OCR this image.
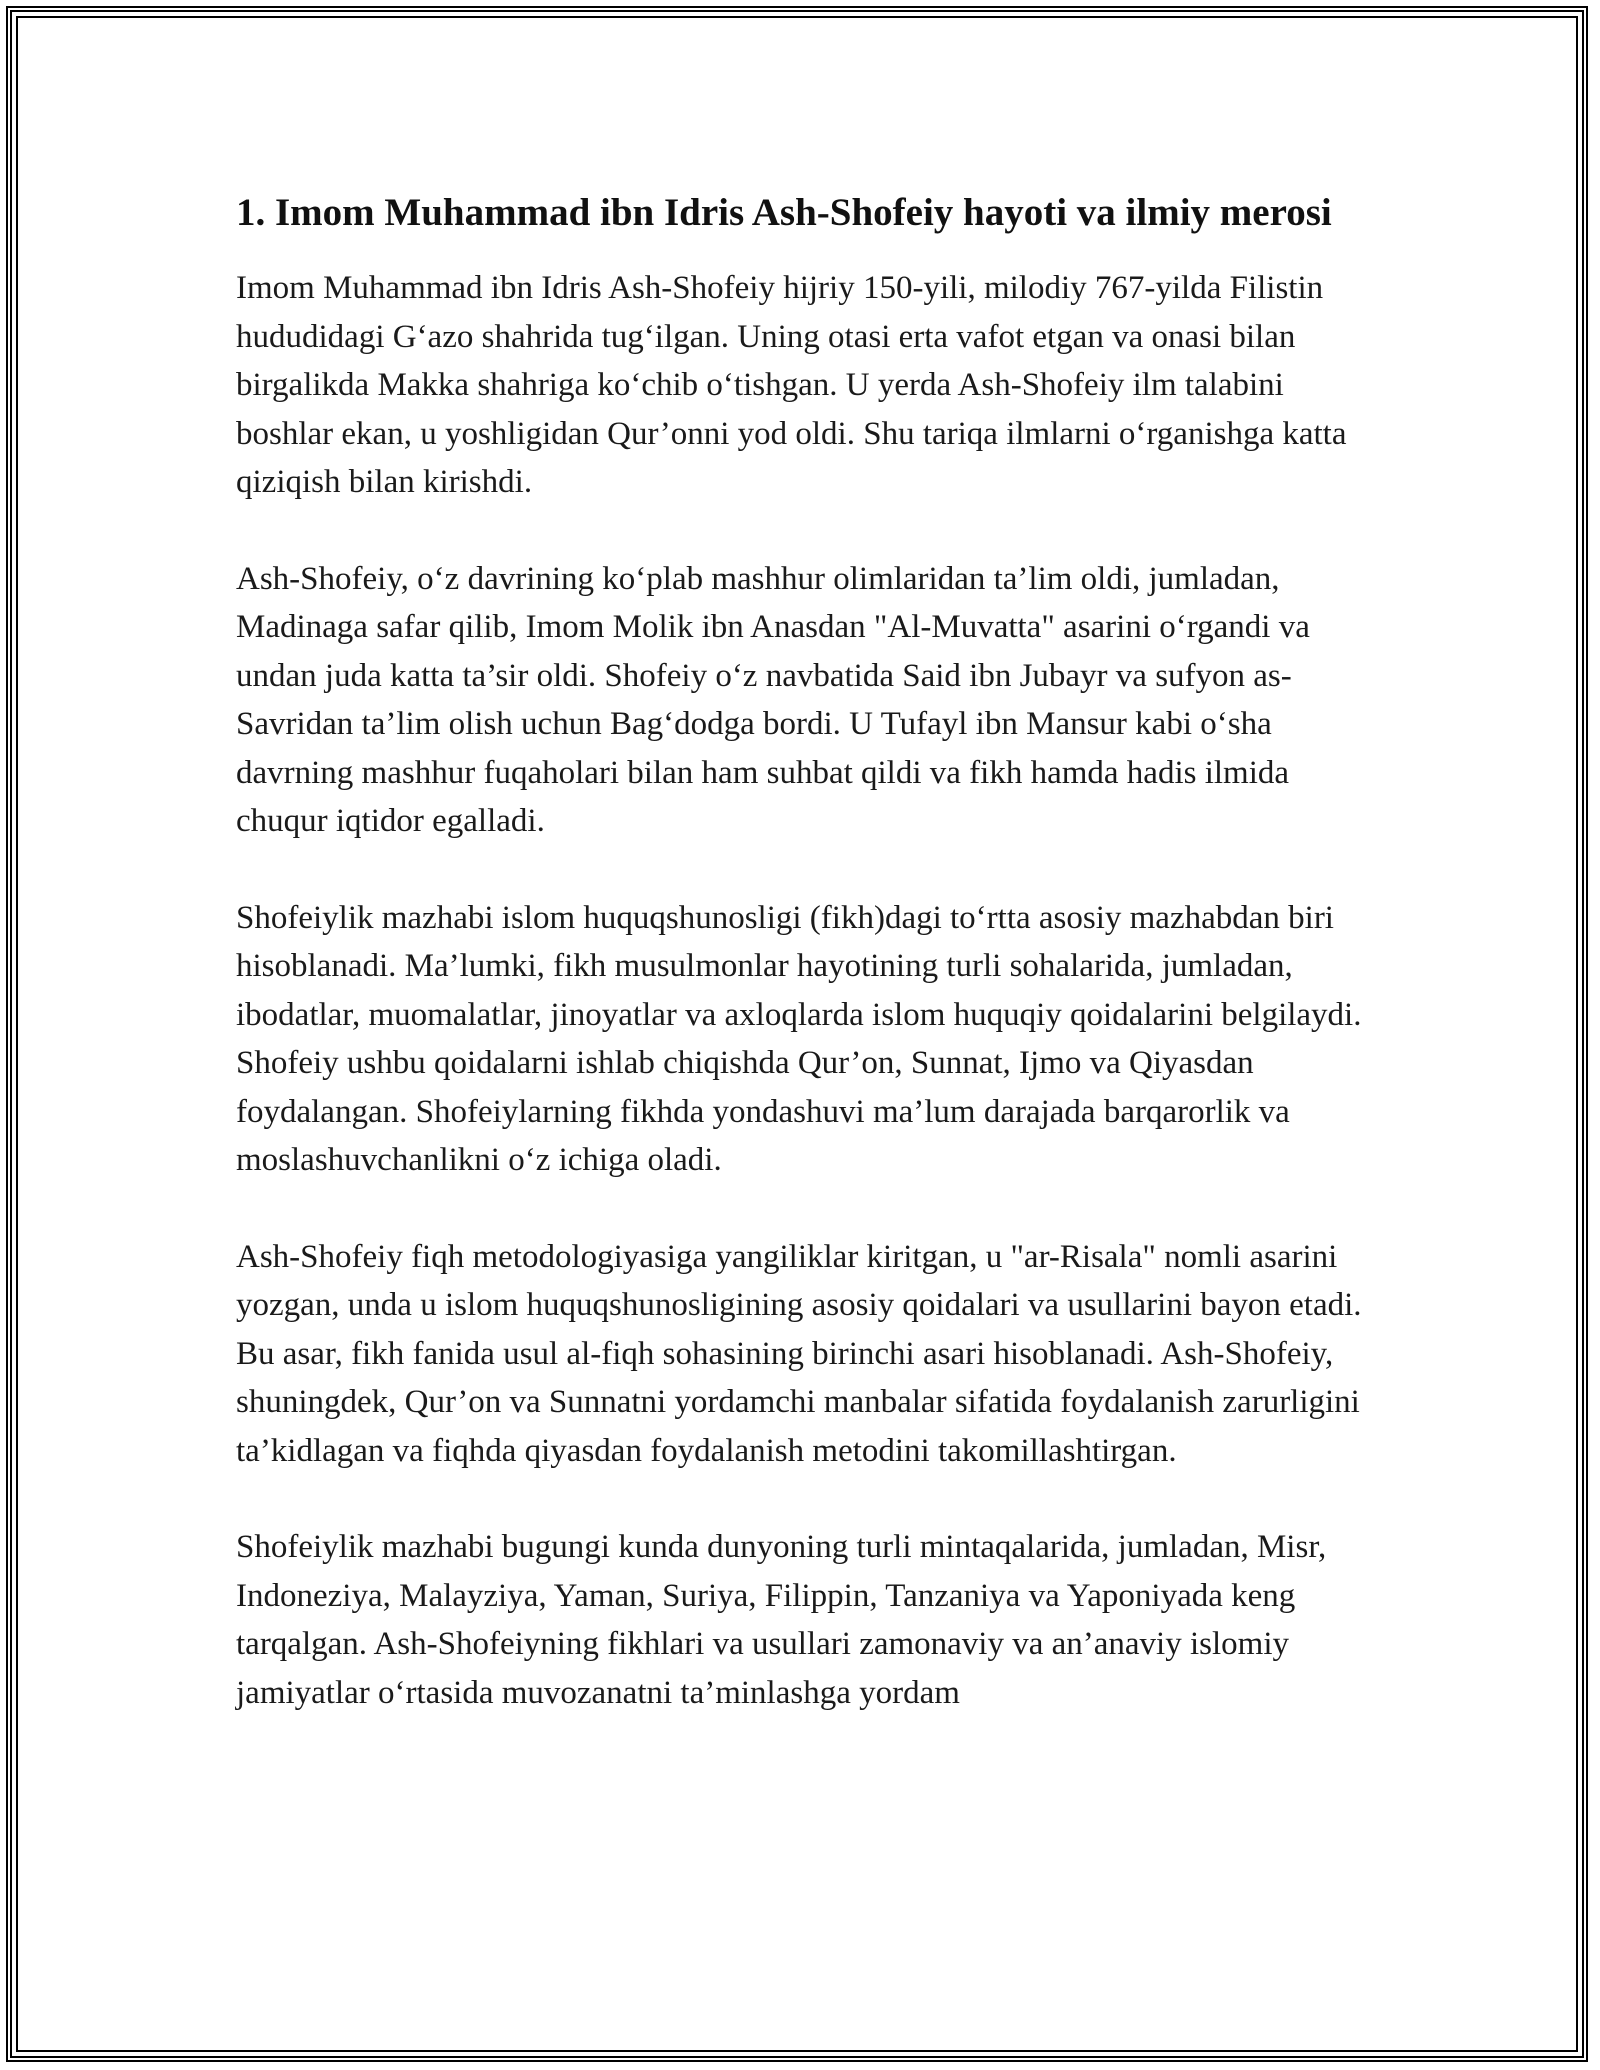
1. Imom Muhammad ibn Idris Ash-Shofeiy hayoti va ilmiy merosi

Imom Muhammad ibn Idris Ash-Shofeiy hijriy 150-yili, milodiy 767-yilda Filistin hududidagi G‘azo shahrida tug‘ilgan. Uning otasi erta vafot etgan va onasi bilan birgalikda Makka shahriga ko‘chib o‘tishgan. U yerda Ash-Shofeiy ilm talabini boshlar ekan, u yoshligidan Qur’onni yod oldi. Shu tariqa ilmlarni o‘rganishga katta qiziqish bilan kirishdi.

Ash-Shofeiy, o‘z davrining ko‘plab mashhur olimlaridan ta’lim oldi, jumladan, Madinaga safar qilib, Imom Molik ibn Anasdan "Al-Muvatta" asarini o‘rgandi va undan juda katta ta’sir oldi. Shofeiy o‘z navbatida Said ibn Jubayr va sufyon as-Savridan ta’lim olish uchun Bag‘dodga bordi. U Tufayl ibn Mansur kabi o‘sha davrning mashhur fuqaholari bilan ham suhbat qildi va fikh hamda hadis ilmida chuqur iqtidor egalladi.

Shofeiylik mazhabi islom huquqshunosligi (fikh)dagi to‘rtta asosiy mazhabdan biri hisoblanadi. Ma’lumki, fikh musulmonlar hayotining turli sohalarida, jumladan, ibodatlar, muomalatlar, jinoyatlar va axloqlarda islom huquqiy qoidalarini belgilaydi. Shofeiy ushbu qoidalarni ishlab chiqishda Qur’on, Sunnat, Ijmo va Qiyasdan foydalangan. Shofeiylarning fikhda yondashuvi ma’lum darajada barqarorlik va moslashuvchanlikni o‘z ichiga oladi.

Ash-Shofeiy fiqh metodologiyasiga yangiliklar kiritgan, u "ar-Risala" nomli asarini yozgan, unda u islom huquqshunosligining asosiy qoidalari va usullarini bayon etadi. Bu asar, fikh fanida usul al-fiqh sohasining birinchi asari hisoblanadi. Ash-Shofeiy, shuningdek, Qur’on va Sunnatni yordamchi manbalar sifatida foydalanish zarurligini ta’kidlagan va fiqhda qiyasdan foydalanish metodini takomillashtirgan.

Shofeiylik mazhabi bugungi kunda dunyoning turli mintaqalarida, jumladan, Misr, Indoneziya, Malayziya, Yaman, Suriya, Filippin, Tanzaniya va Yaponiyada keng tarqalgan. Ash-Shofeiyning fikhlari va usullari zamonaviy va an’anaviy islomiy jamiyatlar o‘rtasida muvozanatni ta’minlashga yordam
